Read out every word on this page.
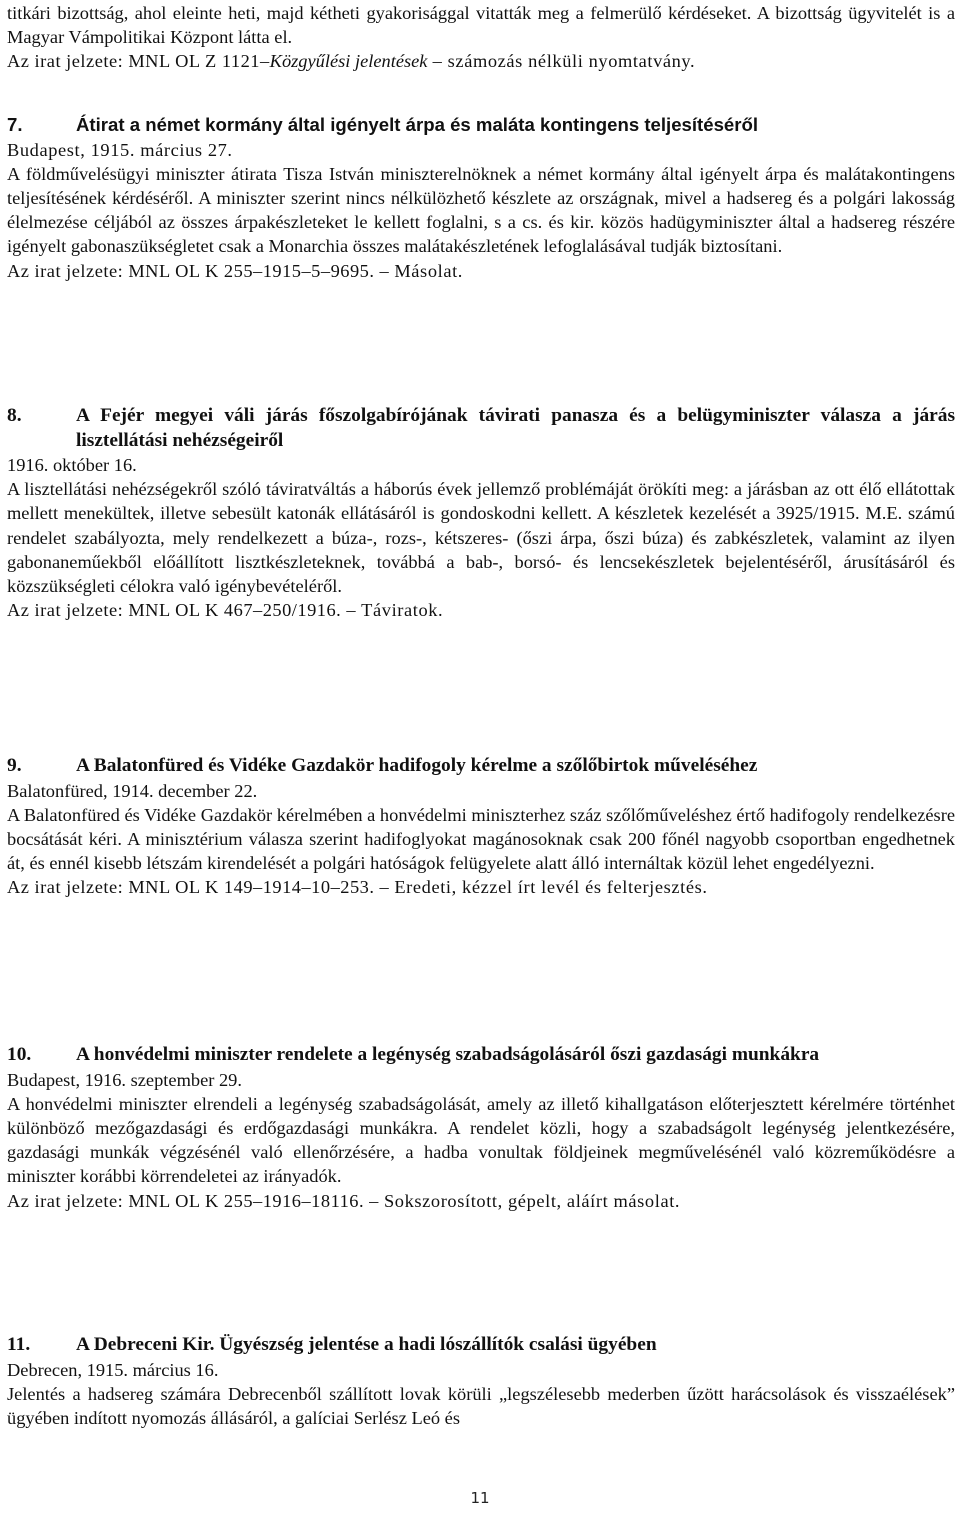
titkári bizottság, ahol eleinte heti, majd kétheti gyakorisággal vitatták meg a felmerülő kérdéseket. A bizottság ügyvitelét is a Magyar Vámpolitikai Központ látta el.

Az irat jelzete: MNL OL Z 1121–Közgyűlési jelentések – számozás nélküli nyomtatvány.

7.	Átirat a német kormány által igényelt árpa és maláta kontingens teljesítéséről

Budapest, 1915. március 27.

A földművelésügyi miniszter átirata Tisza István miniszterelnöknek a német kormány által igényelt árpa és malátakontingens teljesítésének kérdéséről. A miniszter szerint nincs nélkülözhető készlete az országnak, mivel a hadsereg és a polgári lakosság élelmezése céljából az összes árpakészleteket le kellett foglalni, s a cs. és kir. közös hadügyminiszter által a hadsereg részére igényelt gabonaszükségletet csak a Monarchia összes malátakészletének lefoglalásával tudják biztosítani.

Az irat jelzete: MNL OL K 255–1915–5–9695. – Másolat.

8.	A Fejér megyei váli járás főszolgabírójának távirati panasza és a belügyminiszter válasza a járás lisztellátási nehézségeiről

1916. október 16.

A lisztellátási nehézségekről szóló táviratváltás a háborús évek jellemző problémáját örökíti meg: a járásban az ott élő ellátottak mellett menekültek, illetve sebesült katonák ellátásáról is gondoskodni kellett. A készletek kezelését a 3925/1915. M.E. számú rendelet szabályozta, mely rendelkezett a búza-, rozs-, kétszeres- (őszi árpa, őszi búza) és zabkészletek, valamint az ilyen gabonaneműekből előállított lisztkészleteknek, továbbá a bab-, borsó- és lencsekészletek bejelentéséről, árusításáról és közszükségleti célokra való igénybevételéről.

Az irat jelzete: MNL OL K 467–250/1916. – Táviratok.

9.	A Balatonfüred és Vidéke Gazdakör hadifogoly kérelme a szőlőbirtok műveléséhez

Balatonfüred, 1914. december 22.

A Balatonfüred és Vidéke Gazdakör kérelmében a honvédelmi miniszterhez száz szőlőműveléshez értő hadifogoly rendelkezésre bocsátását kéri. A minisztérium válasza szerint hadifoglyokat magánosoknak csak 200 főnél nagyobb csoportban engedhetnek át, és ennél kisebb létszám kirendelését a polgári hatóságok felügyelete alatt álló internáltak közül lehet engedélyezni.

Az irat jelzete: MNL OL K 149–1914–10–253. – Eredeti, kézzel írt levél és felterjesztés.

10.	A honvédelmi miniszter rendelete a legénység szabadságolásáról őszi gazdasági munkákra

Budapest, 1916. szeptember 29.

A honvédelmi miniszter elrendeli a legénység szabadságolását, amely az illető kihallgatáson előterjesztett kérelmére történhet különböző mezőgazdasági és erdőgazdasági munkákra. A rendelet közli, hogy a szabadságolt legénység jelentkezésére, gazdasági munkák végzésénél való ellenőrzésére, a hadba vonultak földjeinek megművelésénél való közreműködésre a miniszter korábbi körrendeletei az irányadók.

Az irat jelzete: MNL OL K 255–1916–18116. – Sokszorosított, gépelt, aláírt másolat.

11.	A Debreceni Kir. Ügyészség jelentése a hadi lószállítók csalási ügyében

Debrecen, 1915. március 16.

Jelentés a hadsereg számára Debrecenből szállított lovak körüli „legszélesebb mederben űzött harácsolások és visszaélések” ügyében indított nyomozás állásáról, a galíciai Serlész Leó és

11
